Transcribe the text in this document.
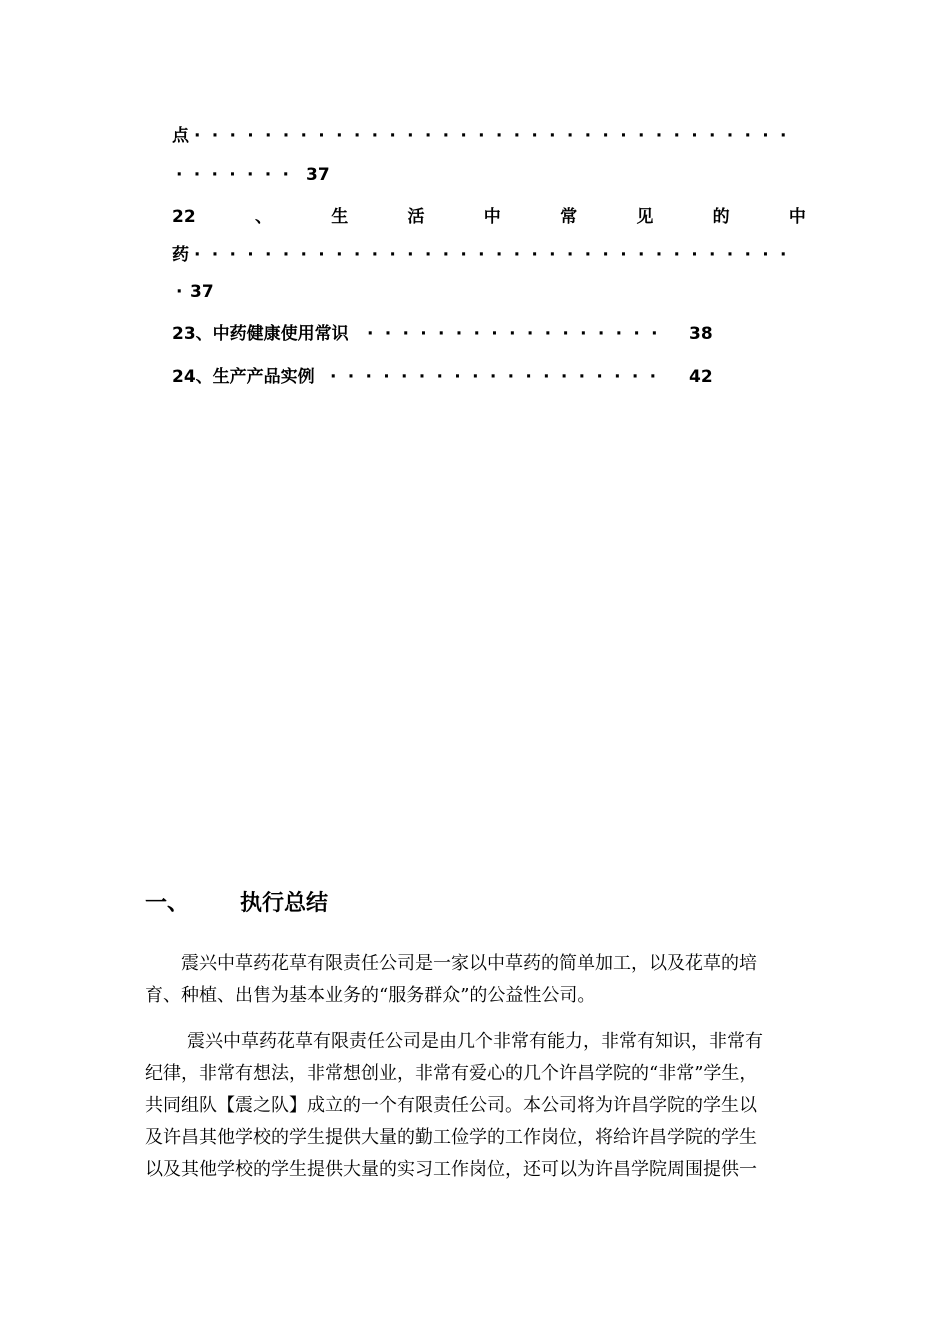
点 ··································
······· 37
22	、	生	活	中	常	见	的	中
药 ··································
·
37
23、中药健康使用常识 ·················	38
24、生产产品实例 ···················	42
一、 执行总结

震兴中草药花草有限责任公司是一家以中草药的简单加工，以及花草的培

育、种植、出售为基本业务的“服务群众”的公益性公司。

震兴中草药花草有限责任公司是由几个非常有能力，非常有知识，非常有

纪律，非常有想法，非常想创业，非常有爱心的几个许昌学院的“非常”学生，

共同组队【震之队】成立的一个有限责任公司。本公司将为许昌学院的学生以

及许昌其他学校的学生提供大量的勤工俭学的工作岗位，将给许昌学院的学生

以及其他学校的学生提供大量的实习工作岗位，还可以为许昌学院周围提供一
